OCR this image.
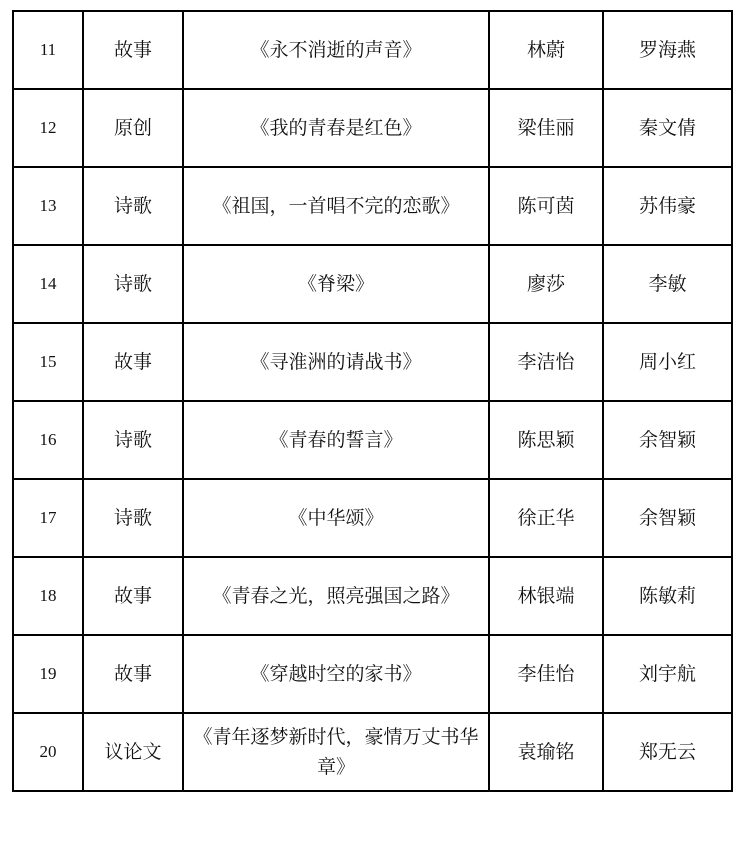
11	故事	《永不消逝的声音》	林蔚	罗海燕
12	原创	《我的青春是红色》	梁佳丽	秦文倩
13	诗歌	《祖国，一首唱不完的恋歌》	陈可茵	苏伟豪
14	诗歌	《脊梁》	廖莎	李敏
15	故事	《寻淮洲的请战书》	李洁怡	周小红
16	诗歌	《青春的誓言》	陈思颖	余智颖
17	诗歌	《中华颂》	徐正华	余智颖
18	故事	《青春之光，照亮强国之路》	林银端	陈敏莉
19	故事	《穿越时空的家书》	李佳怡	刘宇航
20	议论文	《青年逐梦新时代，豪情万丈书华章》	袁瑜铭	郑无云
